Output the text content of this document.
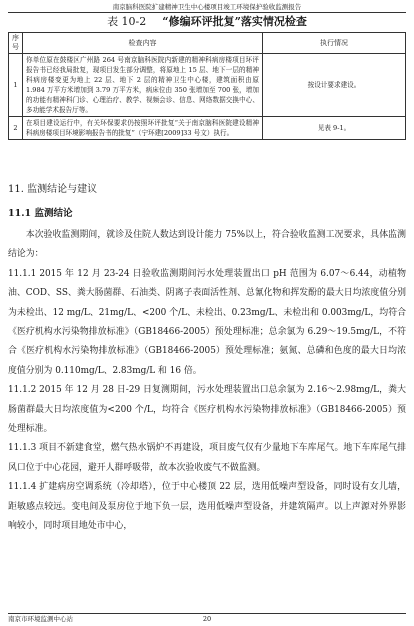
南京脑科医院扩建精神卫生中心楼项目竣工环境保护验收监测报告
表 10-2 “修编环评批复”落实情况检查
序号	检查内容	执行情况
1	你单位原在鼓楼区广州路 264 号南京脑科医院内新建的精神科病房楼项目环评报告书已经我局批复，现项目发生部分调整，将原地上 15 层、地下一层的精神科病房楼变更为地上 22 层、地下 2 层的精神卫生中心楼，建筑面积由原 1.984 万平方米增加到 3.79 万平方米，病床位由 350 张增加至 700 张，增加的功能有精神科门诊、心理治疗、教学、视频会诊、信息、网络数据交换中心、多功能学术报告厅等。	按设计要求建设。
2	在项目建设运行中，有关环保要求仍按照环评批复“关于南京脑科医院建设精神科病房楼项目环境影响报告书的批复”（宁环建[2009]33 号文）执行。	见表 9-1。
11. 监测结论与建议
11.1 监测结论

本次验收监测期间，就诊及住院人数达到设计能力 75%以上，符合验收监测工况要求，具体监测结论为：

11.1.1 2015 年 12 月 23-24 日验收监测期间污水处理装置出口 pH 范围为 6.07～6.44，动植物油、COD、SS、粪大肠菌群、石油类、阴离子表面活性剂、总氰化物和挥发酚的最大日均浓度值分别为未检出、12 mg/L、21mg/L、<200 个/L、未检出、0.23mg/L、未检出和 0.003mg/L，均符合《医疗机构水污染物排放标准》（GB18466-2005）预处理标准；总余氯为 6.29～19.5mg/L，不符合《医疗机构水污染物排放标准》（GB18466-2005）预处理标准；氨氮、总磷和色度的最大日均浓度值分别为 0.110mg/L、2.83mg/L 和 16 倍。

11.1.2 2015 年 12 月 28 日-29 日复测期间，污水处理装置出口总余氯为 2.16～2.98mg/L，粪大肠菌群最大日均浓度值为<200 个/L，均符合《医疗机构水污染物排放标准》（GB18466-2005）预处理标准。

11.1.3 项目不新建食堂，燃气热水锅炉不再建设，项目废气仅有少量地下车库尾气。地下车库尾气排风口位于中心花园，避开人群呼吸带，故本次验收废气不做监测。

11.1.4 扩建病房空调系统（冷却塔），位于中心楼顶 22 层，选用低噪声型设备，同时设有女儿墙，距敏感点较远。变电间及泵房位于地下负一层，选用低噪声型设备，并建筑隔声。以上声源对外界影响较小，同时项目地处市中心，

南京市环境监测中心站	20
